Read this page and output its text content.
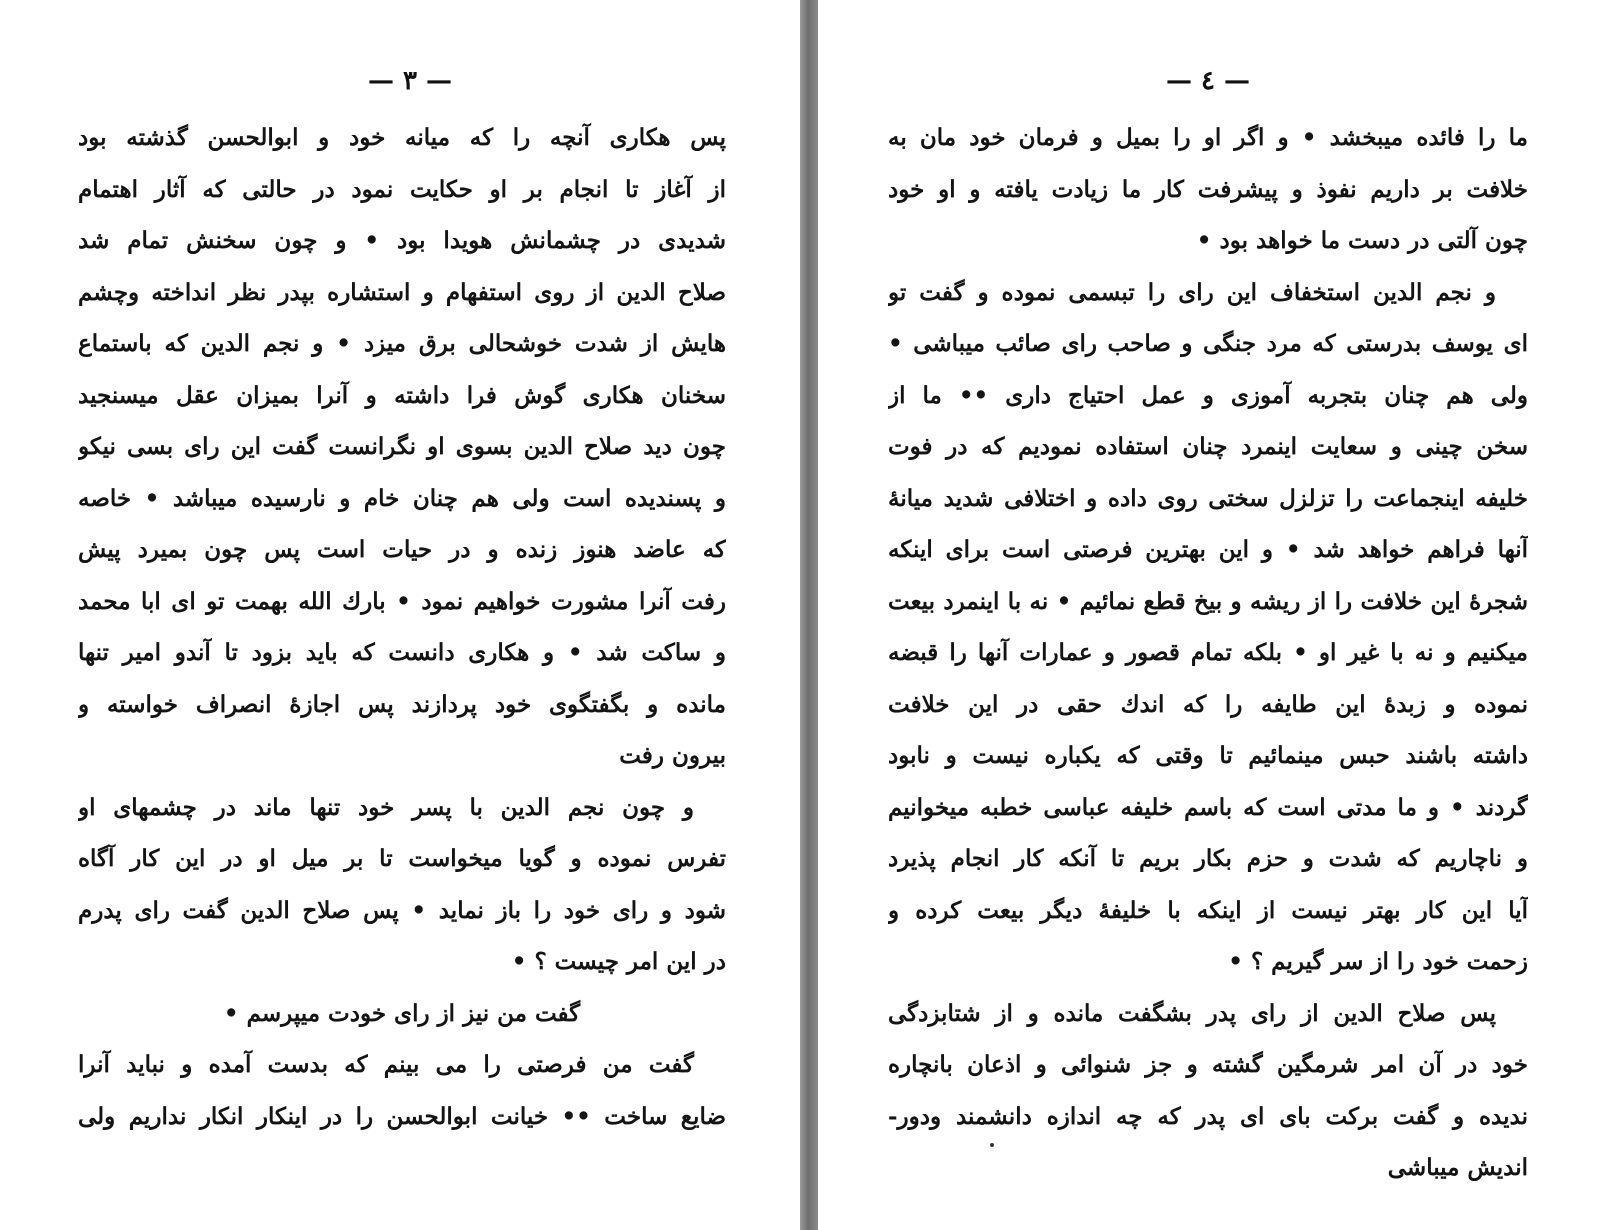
— ٣ —
پس هکاری آنچه را که میانه خود و ابوالحسن گذشته بود
از آغاز تا انجام بر او حکایت نمود در حالتی که آثار اهتمام
شدیدی در چشمانش هویدا بود • و چون سخنش تمام شد
صلاح الدین از روی استفهام و استشاره بپدر نظر انداخته وچشم
هایش از شدت خوشحالی برق میزد • و نجم الدین که باستماع
سخنان هکاری گوش فرا داشته و آنرا بمیزان عقل میسنجید
چون دید صلاح الدین بسوی او نگرانست گفت این رای بسی نیکو
و پسندیده است ولی هم چنان خام و نارسیده میباشد • خاصه
که عاضد هنوز زنده و در حیات است پس چون بمیرد پیش
رفت آنرا مشورت خواهیم نمود • بارك الله بهمت تو ای ابا محمد
و ساکت شد • و هکاری دانست که باید بزود تا آندو امیر تنها
مانده و بگفتگوی خود پردازند پس اجازهٔ انصراف خواسته و
بیرون رفت
و چون نجم الدین با پسر خود تنها ماند در چشمهای او
تفرس نموده و گویا میخواست تا بر میل او در این کار آگاه
شود و رای خود را باز نماید • پس صلاح الدین گفت رای پدرم
در این امر چیست ؟ •
گفت من نیز از رای خودت میپرسم •
گفت من فرصتی را می بینم که بدست آمده و نباید آنرا
ضایع ساخت •• خیانت ابوالحسن را در اینکار انکار نداریم ولی
— ٤ —
ما را فائده میبخشد • و اگر او را بمیل و فرمان خود مان به
خلافت بر داریم نفوذ و پیشرفت کار ما زیادت یافته و او خود
چون آلتی در دست ما خواهد بود •
و نجم الدین استخفاف این رای را تبسمی نموده و گفت تو
ای یوسف بدرستی که مرد جنگی و صاحب رای صائب میباشی •
ولی هم چنان بتجربه آموزی و عمل احتیاج داری •• ما از
سخن چینی و سعایت اینمرد چنان استفاده نمودیم که در فوت
خلیفه اینجماعت را تزلزل سختی روی داده و اختلافی شدید میانهٔ
آنها فراهم خواهد شد • و این بهترین فرصتی است برای اینکه
شجرهٔ این خلافت را از ریشه و بیخ قطع نمائیم • نه با اینمرد بیعت
میکنیم و نه با غیر او • بلکه تمام قصور و عمارات آنها را قبضه
نموده و زبدهٔ این طایفه را که اندك حقی در این خلافت
داشته باشند حبس مینمائیم تا وقتی که یکباره نیست و نابود
گردند • و ما مدتی است که باسم خلیفه عباسی خطبه میخوانیم
و ناچاریم که شدت و حزم بکار بریم تا آنکه کار انجام پذیرد
آیا این کار بهتر نیست از اینکه با خلیفهٔ دیگر بیعت کرده و
زحمت خود را از سر گیریم ؟ •
پس صلاح الدین از رای پدر بشگفت مانده و از شتابزدگی
خود در آن امر شرمگین گشته و جز شنوائی و اذعان بانچاره
ندیده و گفت برکت بای ای پدر که چه اندازه دانشمند ودور-
اندیش میباشی
